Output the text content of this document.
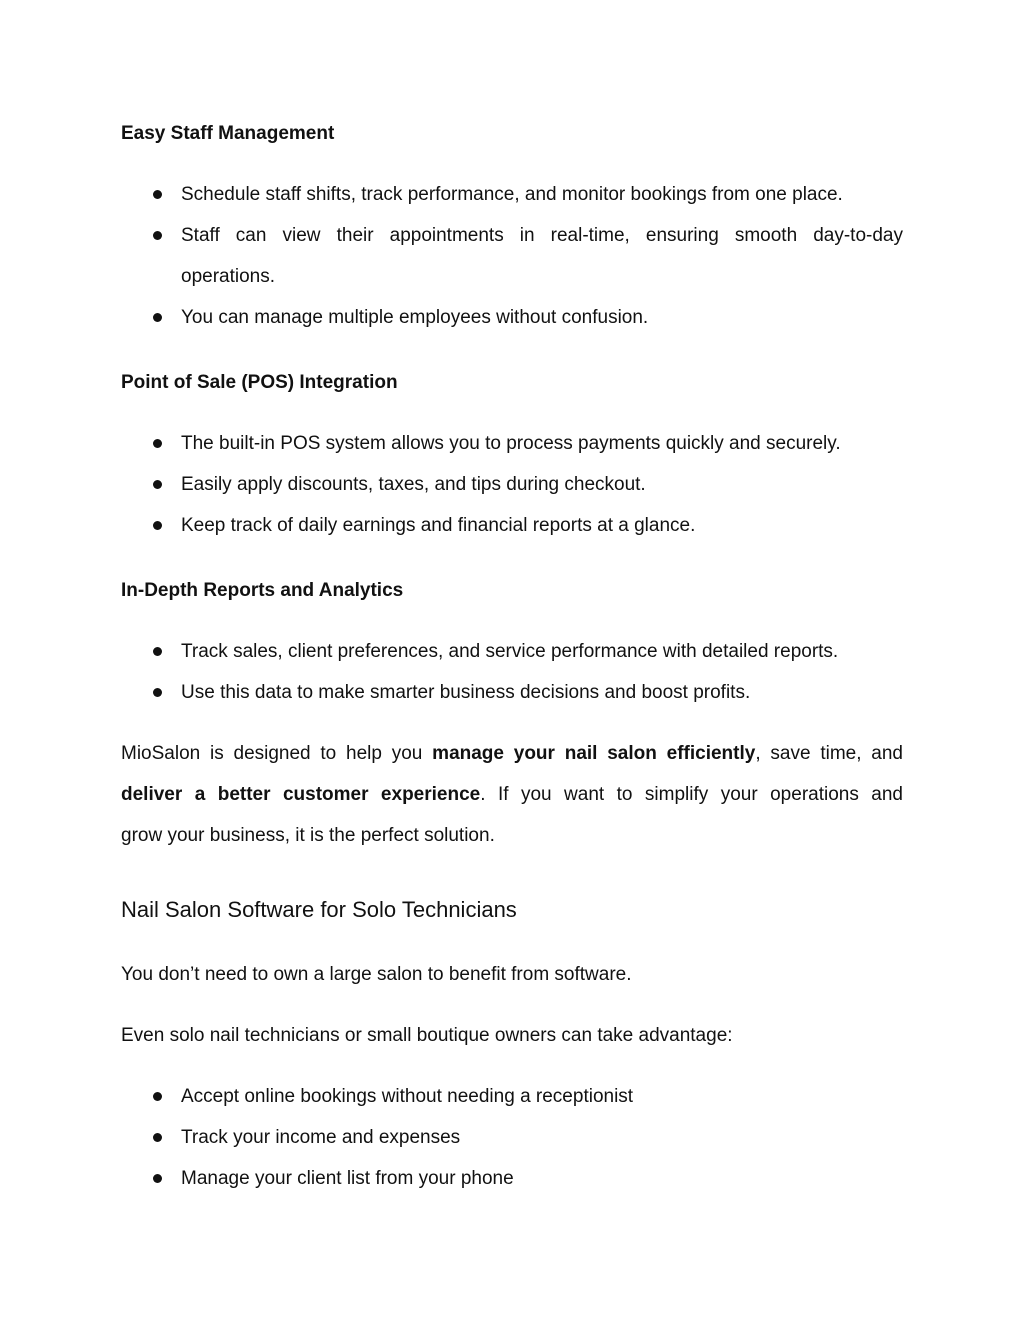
Easy Staff Management
Schedule staff shifts, track performance, and monitor bookings from one place.
Staff can view their appointments in real-time, ensuring smooth day-to-day
operations.
You can manage multiple employees without confusion.
Point of Sale (POS) Integration
The built-in POS system allows you to process payments quickly and securely.
Easily apply discounts, taxes, and tips during checkout.
Keep track of daily earnings and financial reports at a glance.
In-Depth Reports and Analytics
Track sales, client preferences, and service performance with detailed reports.
Use this data to make smarter business decisions and boost profits.
MioSalon is designed to help you manage your nail salon efficiently, save time, and
deliver a better customer experience. If you want to simplify your operations and
grow your business, it is the perfect solution.
Nail Salon Software for Solo Technicians
You don’t need to own a large salon to benefit from software.
Even solo nail technicians or small boutique owners can take advantage:
Accept online bookings without needing a receptionist
Track your income and expenses
Manage your client list from your phone
